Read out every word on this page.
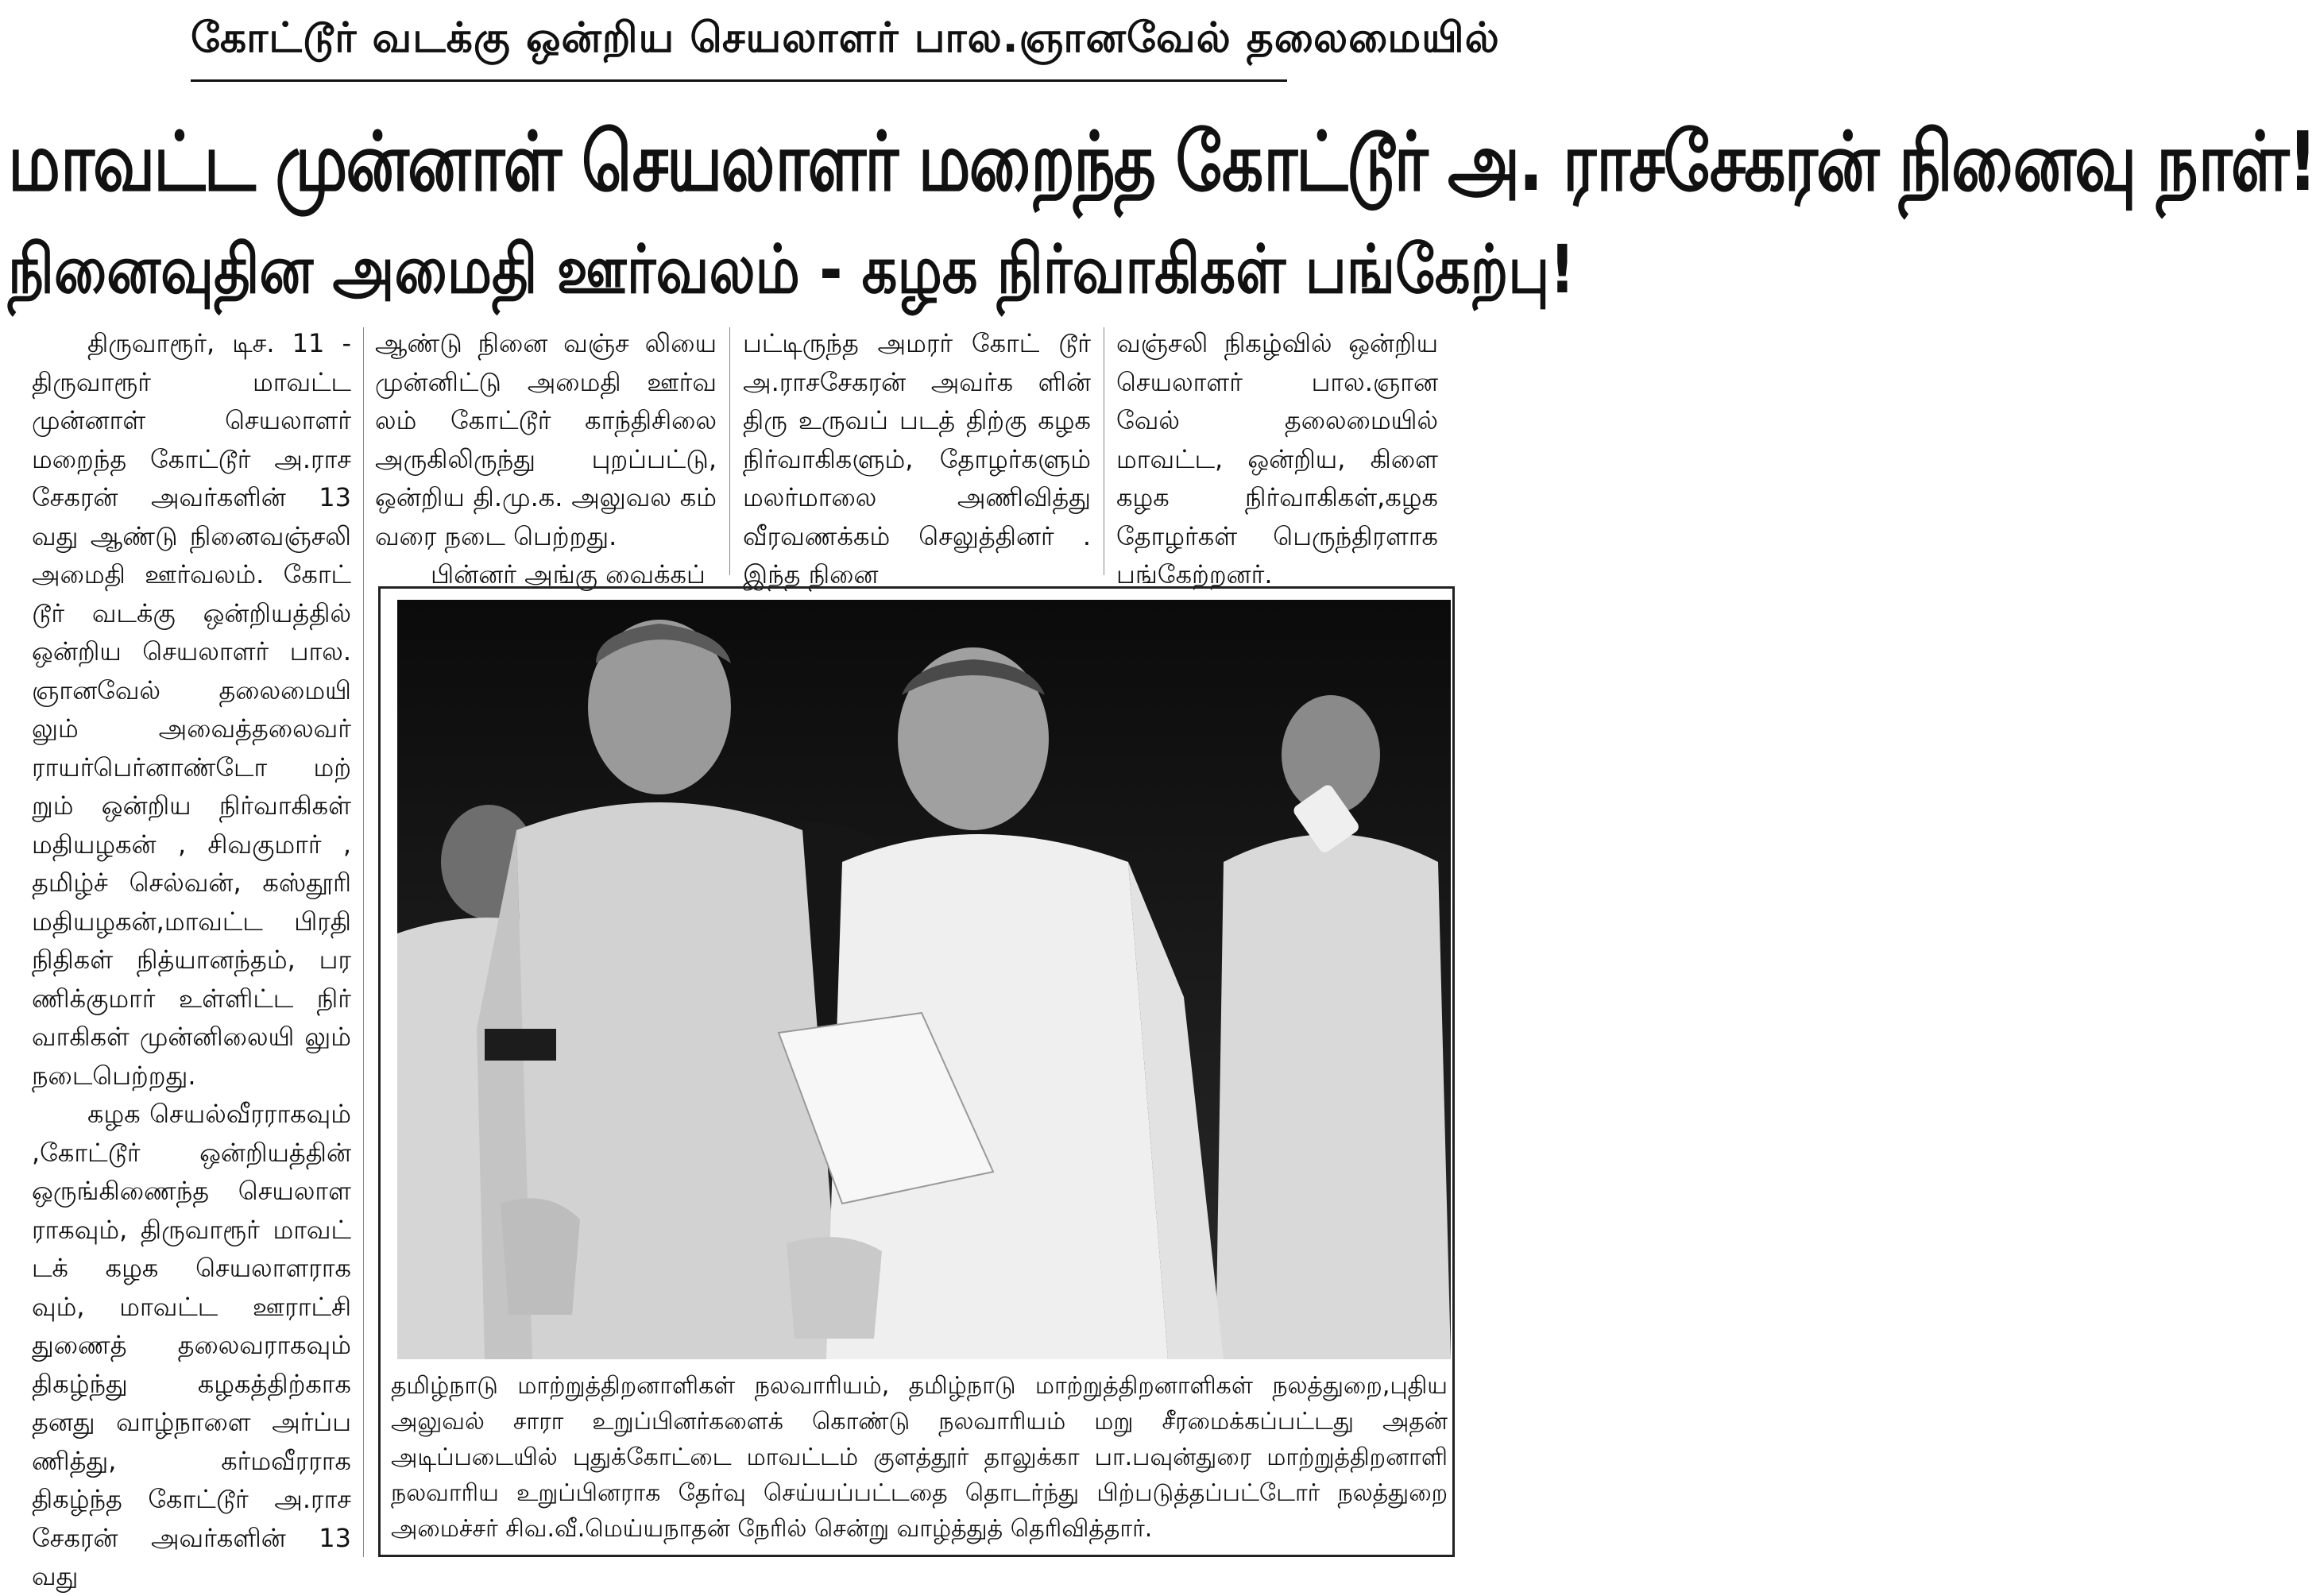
கோட்டூர் வடக்கு ஒன்றிய செயலாளர் பால.ஞானவேல் தலைமையில்
மாவட்ட முன்னாள் செயலாளர் மறைந்த கோட்டூர் அ. ராசசேகரன் நினைவு நாள்!
நினைவுதின அமைதி ஊர்வலம் - கழக நிர்வாகிகள் பங்கேற்பு!

திருவாரூர், டிச. 11 - திருவாரூர் மாவட்ட முன்னாள் செயலாளர் மறைந்த கோட்டூர் அ.ராச சேகரன் அவர்களின் 13 வது ஆண்டு நினைவஞ்சலி அமைதி ஊர்வலம். கோட் டூர் வடக்கு ஒன்றியத்தில் ஒன்றிய செயலாளர் பால. ஞானவேல் தலைமையி லும் அவைத்தலைவர் ராயர்பெர்னாண்டோ மற் றும் ஒன்றிய நிர்வாகிகள் மதியழகன் , சிவகுமார் , தமிழ்ச் செல்வன், கஸ்தூரி மதியழகன்,மாவட்ட பிரதி நிதிகள் நித்யானந்தம், பர ணிக்குமார் உள்ளிட்ட நிர் வாகிகள் முன்னிலையி லும் நடைபெற்றது.

கழக செயல்வீரராகவும் ,கோட்டூர் ஒன்றியத்தின் ஒருங்கிணைந்த செயலாள ராகவும், திருவாரூர் மாவட் டக் கழக செயலாளராக வும், மாவட்ட ஊராட்சி துணைத் தலைவராகவும் திகழ்ந்து கழகத்திற்காக தனது வாழ்நாளை அர்ப்ப ணித்து, கர்மவீரராக திகழ்ந்த கோட்டூர் அ.ராச சேகரன் அவர்களின் 13 வது

ஆண்டு நினை வஞ்ச லியை முன்னிட்டு அமைதி ஊர்வ லம் கோட்டூர் காந்திசிலை அருகிலிருந்து புறப்பட்டு, ஒன்றிய தி.மு.க. அலுவல கம் வரை நடை பெற்றது.

பின்னர் அங்கு வைக்கப்

பட்டிருந்த அமரர் கோட் டூர் அ.ராசசேகரன் அவர்க ளின் திரு உருவப் படத் திற்கு கழக நிர்வாகிகளும், தோழர்களும் மலர்மாலை அணிவித்து வீரவணக்கம் செலுத்தினர் . இந்த நினை

வஞ்சலி நிகழ்வில் ஒன்றிய செயலாளர் பால.ஞான வேல் தலைமையில் மாவட்ட, ஒன்றிய, கிளை கழக நிர்வாகிகள்,கழக தோழர்கள் பெருந்திரளாக பங்கேற்றனர்.

தமிழ்நாடு மாற்றுத்திறனாளிகள் நலவாரியம், தமிழ்நாடு மாற்றுத்திறனாளிகள் நலத்துறை,புதிய அலுவல் சாரா உறுப்பினர்களைக் கொண்டு நலவாரியம் மறு சீரமைக்கப்பட்டது அதன் அடிப்படையில் புதுக்கோட்டை மாவட்டம் குளத்தூர் தாலுக்கா பா.பவுன்துரை மாற்றுத்திறனாளி நலவாரிய உறுப்பினராக தேர்வு செய்யப்பட்டதை தொடர்ந்து பிற்படுத்தப்பட்டோர் நலத்துறை அமைச்சர் சிவ.வீ.மெய்யநாதன் நேரில் சென்று வாழ்த்துத் தெரிவித்தார்.
